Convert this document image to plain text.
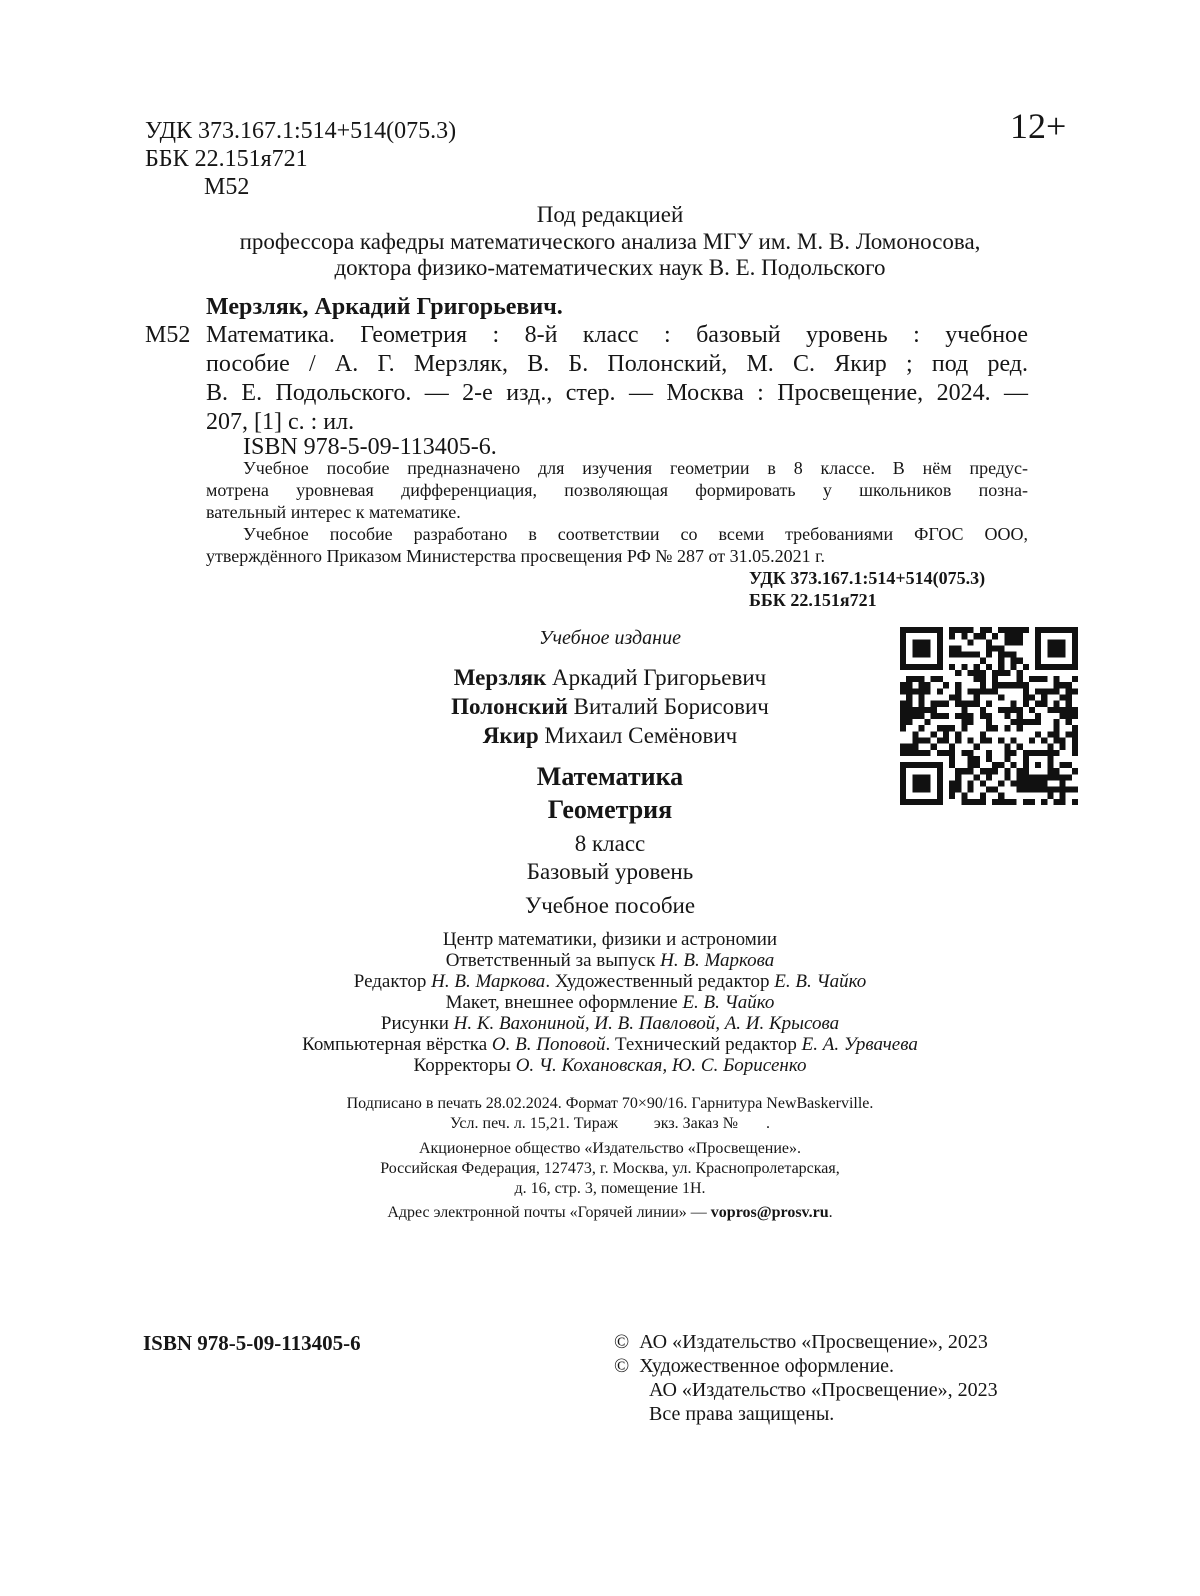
УДК 373.167.1:514+514(075.3)
ББК 22.151я721
М52
12+
Под редакцией
профессора кафедры математического анализа МГУ им. М. В. Ломоносова,
доктора физико-математических наук В. Е. Подольского
Мерзляк, Аркадий Григорьевич.
М52 Математика. Геометрия : 8-й класс : базовый уровень : учебное
пособие / А. Г. Мерзляк, В. Б. Полонский, М. С. Якир ; под ред.
В. Е. Подольского. — 2-е изд., стер. — Москва : Просвещение, 2024. —
207, [1] с. : ил.
ISBN 978-5-09-113405-6.
Учебное пособие предназначено для изучения геометрии в 8 классе. В нём предус-
мотрена уровневая дифференциация, позволяющая формировать у школьников позна-
вательный интерес к математике.
Учебное пособие разработано в соответствии со всеми требованиями ФГОС ООО,
утверждённого Приказом Министерства просвещения РФ № 287 от 31.05.2021 г.
УДК 373.167.1:514+514(075.3)
ББК 22.151я721
Учебное издание
Мерзляк Аркадий Григорьевич
Полонский Виталий Борисович
Якир Михаил Семёнович
Математика
Геометрия
8 класс
Базовый уровень
Учебное пособие
Центр математики, физики и астрономии
Ответственный за выпуск Н. В. Маркова
Редактор Н. В. Маркова. Художественный редактор Е. В. Чайко
Макет, внешнее оформление Е. В. Чайко
Рисунки Н. К. Вахониной, И. В. Павловой, А. И. Крысова
Компьютерная вёрстка О. В. Поповой. Технический редактор Е. А. Урвачева
Корректоры О. Ч. Кохановская, Ю. С. Борисенко
Подписано в печать 28.02.2024. Формат 70×90/16. Гарнитура NewBaskerville.
Усл. печ. л. 15,21. Тираж         экз. Заказ №       .
Акционерное общество «Издательство «Просвещение».
Российская Федерация, 127473, г. Москва, ул. Краснопролетарская,
д. 16, стр. 3, помещение 1Н.
Адрес электронной почты «Горячей линии» — vopros@prosv.ru.
ISBN 978-5-09-113405-6	©  АО «Издательство «Просвещение», 2023
©  Художественное оформление.
АО «Издательство «Просвещение», 2023
Все права защищены.
